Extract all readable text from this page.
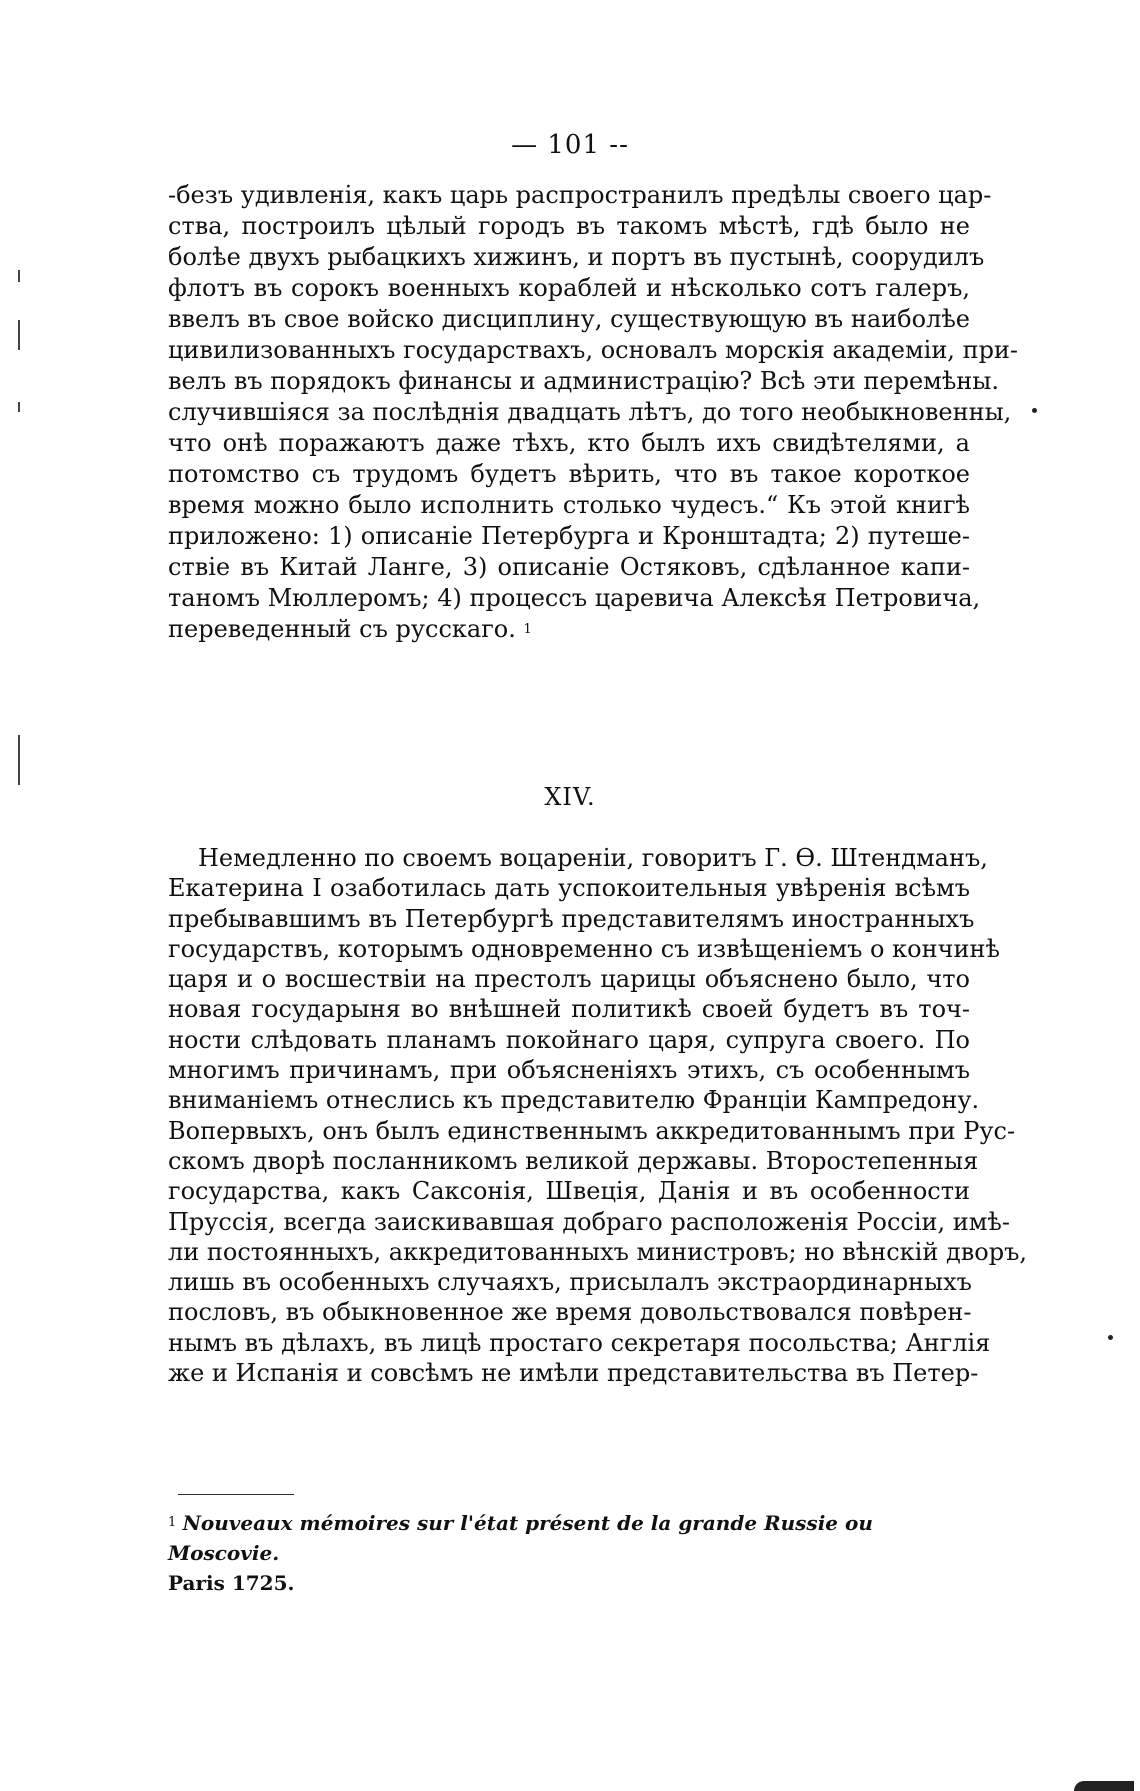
— 101 --
-безъ удивленія, какъ царь распространилъ предѣлы своего цар-
ства, построилъ цѣлый городъ въ такомъ мѣстѣ, гдѣ было не
болѣе двухъ рыбацкихъ хижинъ, и портъ въ пустынѣ, соорудилъ
флотъ въ сорокъ военныхъ кораблей и нѣсколько сотъ галеръ,
ввелъ въ свое войско дисциплину, существующую въ наиболѣе
цивилизованныхъ государствахъ, основалъ морскія академіи, при-
велъ въ порядокъ финансы и администрацію? Всѣ эти перемѣны.
случившіяся за послѣднія двадцать лѣтъ, до того необыкновенны,
что онѣ поражаютъ даже тѣхъ, кто былъ ихъ свидѣтелями, а
потомство съ трудомъ будетъ вѣрить, что въ такое короткое
время можно было исполнить столько чудесъ.“ Къ этой книгѣ
приложено: 1) описаніе Петербурга и Кронштадта; 2) путеше-
ствіе въ Китай Ланге, 3) описаніе Остяковъ, сдѣланное капи-
таномъ Мюллеромъ; 4) процессъ царевича Алексѣя Петровича,
переведенный съ русскаго. $^1$
XIV.
Немедленно по своемъ воцареніи, говоритъ Г. Ѳ. Штендманъ,
Екатерина I озаботилась дать успокоительныя увѣренія всѣмъ
пребывавшимъ въ Петербургѣ представителямъ иностранныхъ
государствъ, которымъ одновременно съ извѣщеніемъ о кончинѣ
царя и о восшествіи на престолъ царицы объяснено было, что
новая государыня во внѣшней политикѣ своей будетъ въ точ-
ности слѣдовать планамъ покойнаго царя, супруга своего. По
многимъ причинамъ, при объясненіяхъ этихъ, съ особеннымъ
вниманіемъ отнеслись къ представителю Франціи Кампредону.
Вопервыхъ, онъ былъ единственнымъ аккредитованнымъ при Рус-
скомъ дворѣ посланникомъ великой державы. Второстепенныя
государства, какъ Саксонія, Швеція, Данія и въ особенности
Пруссія, всегда заискивавшая добраго расположенія Россіи, имѣ-
ли постоянныхъ, аккредитованныхъ министровъ; но вѣнскій дворъ,
лишь въ особенныхъ случаяхъ, присылалъ экстраординарныхъ
пословъ, въ обыкновенное же время довольствовался повѣрен-
нымъ въ дѣлахъ, въ лицѣ простаго секретаря посольства; Англія
же и Испанія и совсѣмъ не имѣли представительства въ Петер-
$^1$ Nouveaux mémoires sur l'état présent de la grande Russie ou Moscovie.
Paris 1725.
